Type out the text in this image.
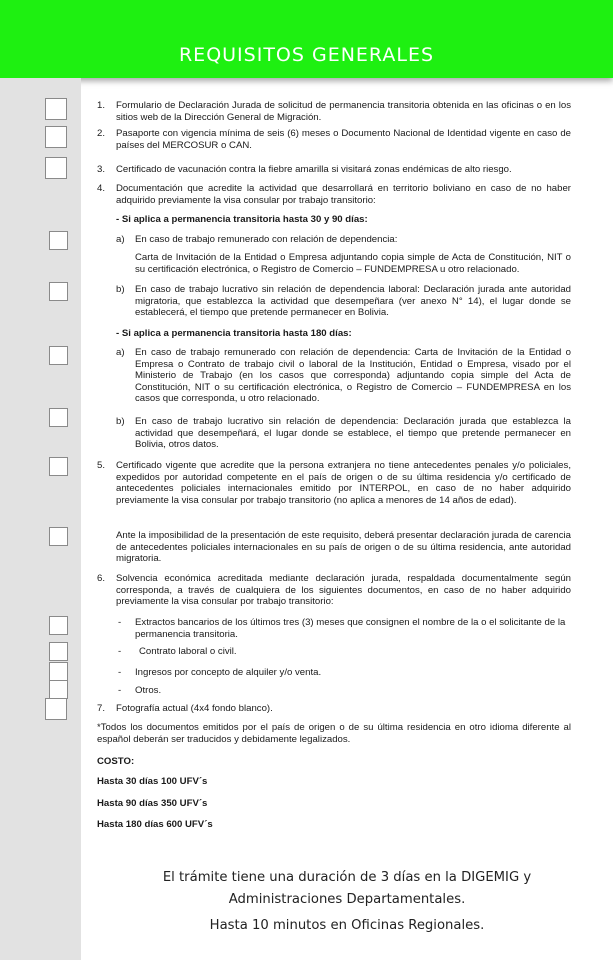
REQUISITOS GENERALES
1.	Formulario de Declaración Jurada de solicitud de permanencia transitoria obtenida en las oficinas o en los sitios web de la Dirección General de Migración.
2.	Pasaporte con vigencia mínima de seis (6) meses o Documento Nacional de Identidad vigente en caso de países del MERCOSUR o CAN.
3.	Certificado de vacunación contra la fiebre amarilla si visitará zonas endémicas de alto riesgo.
4.	Documentación que acredite la actividad que desarrollará en territorio boliviano en caso de no haber adquirido previamente la visa consular por trabajo transitorio:
- Si aplica a permanencia transitoria hasta 30 y 90 días:
a)	En caso de trabajo remunerado con relación de dependencia:
Carta de Invitación de la Entidad o Empresa adjuntando copia simple de Acta de Constitución, NIT o su certificación electrónica, o Registro de Comercio – FUNDEMPRESA u otro relacionado.
b)	En caso de trabajo lucrativo sin relación de dependencia laboral: Declaración jurada ante autoridad migratoria, que establezca la actividad que desempeñara (ver anexo N° 14), el lugar donde se establecerá, el tiempo que pretende permanecer en Bolivia.
- Si aplica a permanencia transitoria hasta 180 días:
a)	En caso de trabajo remunerado con relación de dependencia: Carta de Invitación de la Entidad o Empresa o Contrato de trabajo civil o laboral de la Institución, Entidad o Empresa, visado por el Ministerio de Trabajo (en los casos que corresponda) adjuntando copia simple del Acta de Constitución, NIT o su certificación electrónica, o Registro de Comercio – FUNDEMPRESA en los casos que corresponda, u otro relacionado.
b)	En caso de trabajo lucrativo sin relación de dependencia: Declaración jurada que establezca la actividad que desempeñará, el lugar donde se establece, el tiempo que pretende permanecer en Bolivia, otros datos.
5.	Certificado vigente que acredite que la persona extranjera no tiene antecedentes penales y/o policiales, expedidos por autoridad competente en el país de origen o de su última residencia y/o certificado de antecedentes policiales internacionales emitido por INTERPOL, en caso de no haber adquirido previamente la visa consular por trabajo transitorio (no aplica a menores de 14 años de edad).
Ante la imposibilidad de la presentación de este requisito, deberá presentar declaración jurada de carencia de antecedentes policiales internacionales en su país de origen o de su última residencia, ante autoridad migratoria.
6.	Solvencia económica acreditada mediante declaración jurada, respaldada documentalmente según corresponda, a través de cualquiera de los siguientes documentos, en caso de no haber adquirido previamente la visa consular por trabajo transitorio:
- Extractos bancarios de los últimos tres (3) meses que consignen el nombre de la o el solicitante de la permanencia transitoria.
- Contrato laboral o civil.
- Ingresos por concepto de alquiler y/o venta.
- Otros.
7.	Fotografía actual (4x4 fondo blanco).
*Todos los documentos emitidos por el país de origen o de su última residencia en otro idioma diferente al español deberán ser traducidos y debidamente legalizados.
COSTO:
Hasta 30 días 100 UFV´s
Hasta 90 días 350 UFV´s
Hasta 180 días 600 UFV´s
El trámite tiene una duración de 3 días en la DIGEMIG y
Administraciones Departamentales.
Hasta 10 minutos en Oficinas Regionales.
